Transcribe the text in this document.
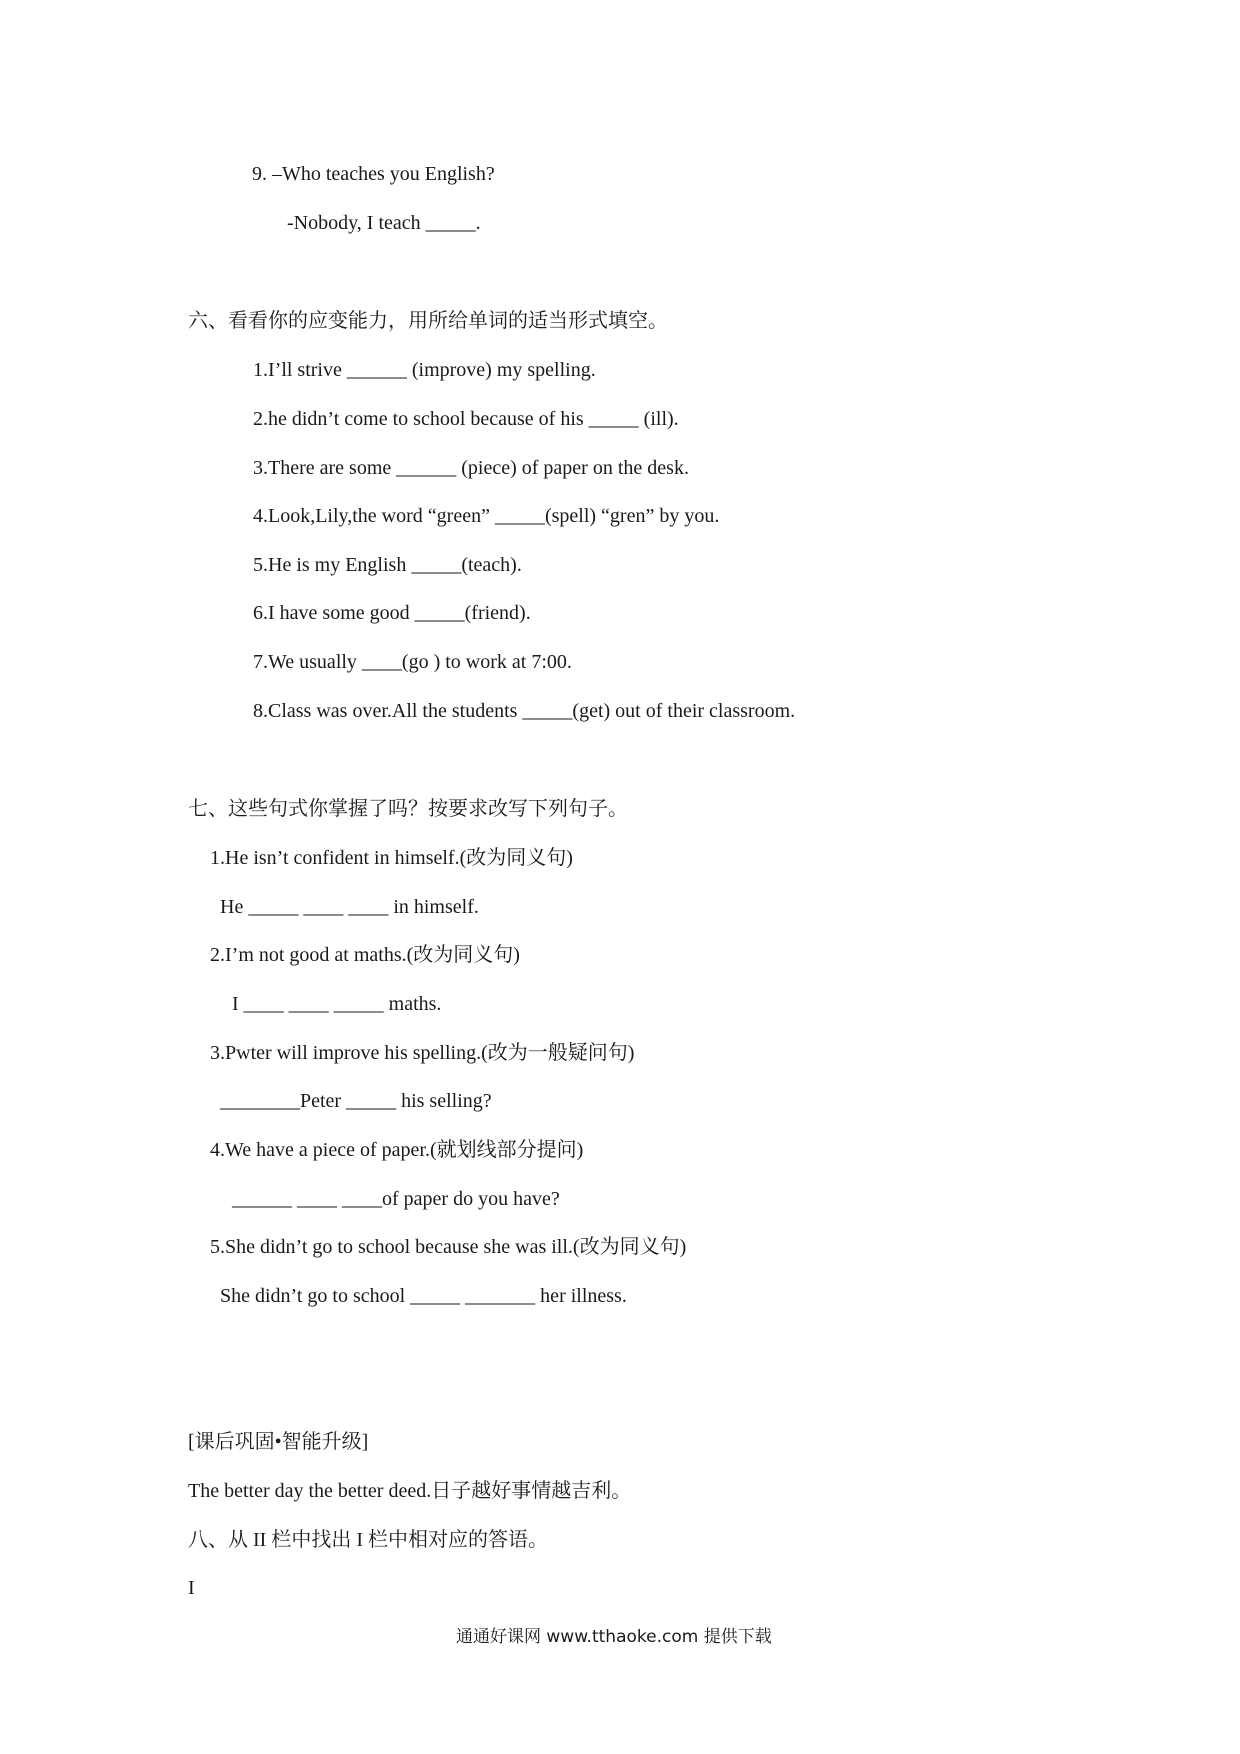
9. –Who teaches you English?
-Nobody, I teach _____.
六、看看你的应变能力，用所给单词的适当形式填空。
1.I’ll strive ______ (improve) my spelling.
2.he didn’t come to school because of his _____ (ill).
3.There are some ______ (piece) of paper on the desk.
4.Look,Lily,the word “green” _____(spell) “gren” by you.
5.He is my English _____(teach).
6.I have some good _____(friend).
7.We usually ____(go ) to work at 7:00.
8.Class was over.All the students _____(get) out of their classroom.
七、这些句式你掌握了吗？按要求改写下列句子。
1.He isn’t confident in himself.(改为同义句)
He _____ ____ ____ in himself.
2.I’m not good at maths.(改为同义句)
I ____ ____ _____ maths.
3.Pwter will improve his spelling.(改为一般疑问句)
________Peter _____ his selling?
4.We have a piece of paper.(就划线部分提问)
______ ____ ____of paper do you have?
5.She didn’t go to school because she was ill.(改为同义句)
She didn’t go to school _____ _______ her illness.
[课后巩固•智能升级]
The better day the better deed.日子越好事情越吉利。
八、从 II 栏中找出 I 栏中相对应的答语。
I
通通好课网 www.tthaoke.com 提供下载
